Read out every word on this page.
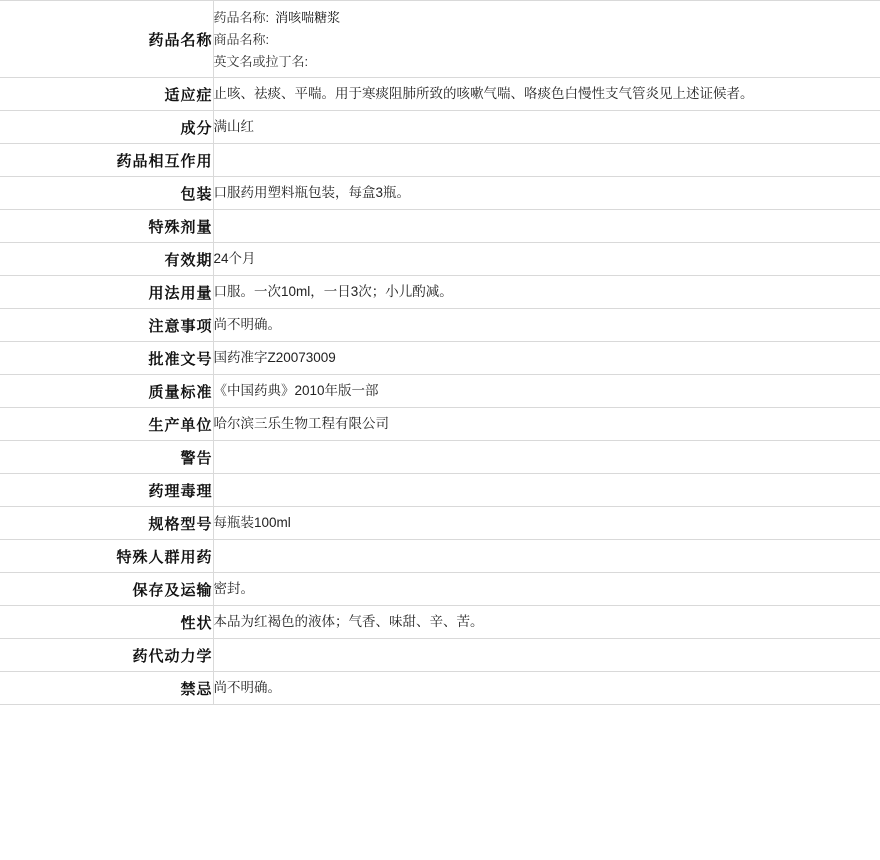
药品名称	药品名称: 消咳喘糖浆
商品名称:
英文名或拉丁名:

适应症	止咳、祛痰、平喘。用于寒痰阻肺所致的咳嗽气喘、咯痰色白慢性支气管炎见上述证候者。
成分	满山红
药品相互作用	
包装	口服药用塑料瓶包装，每盒3瓶。
特殊剂量	
有效期	24个月
用法用量	口服。一次10ml，一日3次；小儿酌减。
注意事项	尚不明确。
批准文号	国药准字Z20073009
质量标准	《中国药典》2010年版一部
生产单位	哈尔滨三乐生物工程有限公司
警告	
药理毒理	
规格型号	每瓶装100ml
特殊人群用药	
保存及运输	密封。
性状	本品为红褐色的液体；气香、味甜、辛、苦。
药代动力学	
禁忌	尚不明确。
